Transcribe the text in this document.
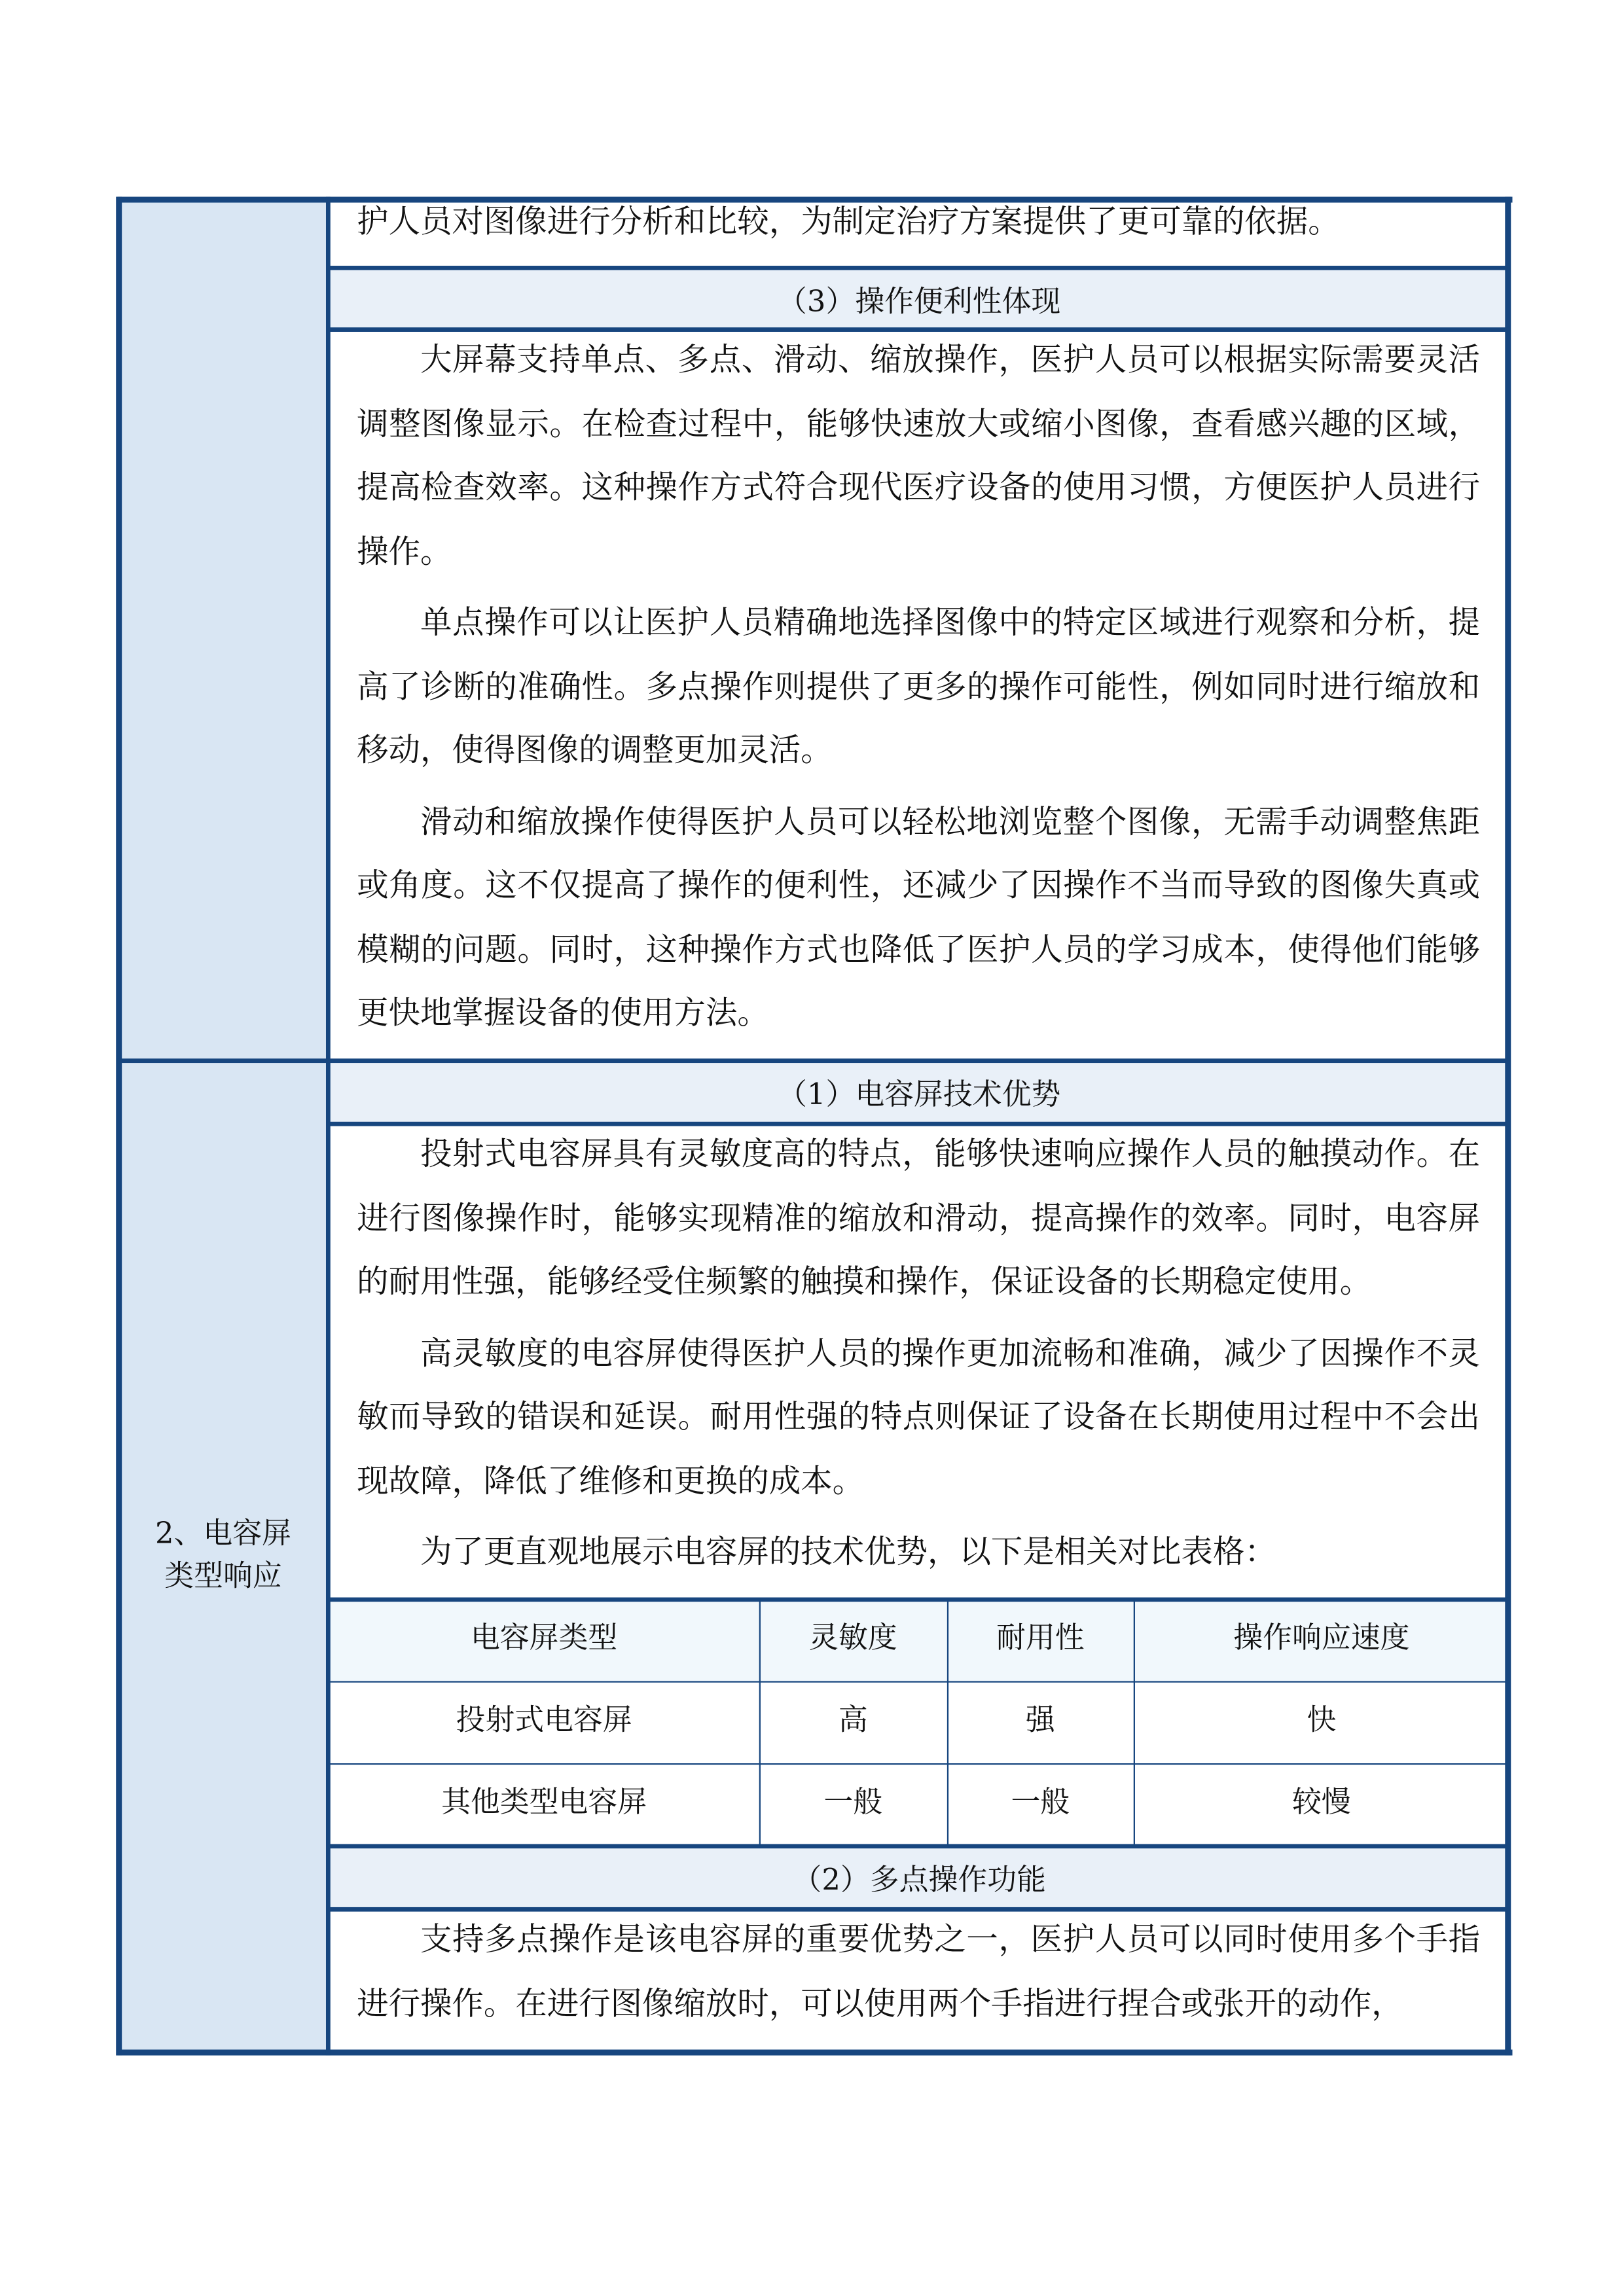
2、电容屏
类型响应
护人员对图像进行分析和比较，为制定治疗方案提供了更可靠的依据。
（3）操作便利性体现

大屏幕支持单点、多点、滑动、缩放操作，医护人员可以根据实际需要灵活调整图像显示。在检查过程中，能够快速放大或缩小图像，查看感兴趣的区域，提高检查效率。这种操作方式符合现代医疗设备的使用习惯，方便医护人员进行操作。

单点操作可以让医护人员精确地选择图像中的特定区域进行观察和分析，提高了诊断的准确性。多点操作则提供了更多的操作可能性，例如同时进行缩放和移动，使得图像的调整更加灵活。

滑动和缩放操作使得医护人员可以轻松地浏览整个图像，无需手动调整焦距或角度。这不仅提高了操作的便利性，还减少了因操作不当而导致的图像失真或模糊的问题。同时，这种操作方式也降低了医护人员的学习成本，使得他们能够更快地掌握设备的使用方法。

（1）电容屏技术优势

投射式电容屏具有灵敏度高的特点，能够快速响应操作人员的触摸动作。在进行图像操作时，能够实现精准的缩放和滑动，提高操作的效率。同时，电容屏的耐用性强，能够经受住频繁的触摸和操作，保证设备的长期稳定使用。

高灵敏度的电容屏使得医护人员的操作更加流畅和准确，减少了因操作不灵敏而导致的错误和延误。耐用性强的特点则保证了设备在长期使用过程中不会出现故障，降低了维修和更换的成本。

为了更直观地展示电容屏的技术优势，以下是相关对比表格：

电容屏类型	灵敏度	耐用性	操作响应速度
投射式电容屏	高	强	快
其他类型电容屏	一般	一般	较慢
（2）多点操作功能

支持多点操作是该电容屏的重要优势之一，医护人员可以同时使用多个手指进行操作。在进行图像缩放时，可以使用两个手指进行捏合或张开的动作，
